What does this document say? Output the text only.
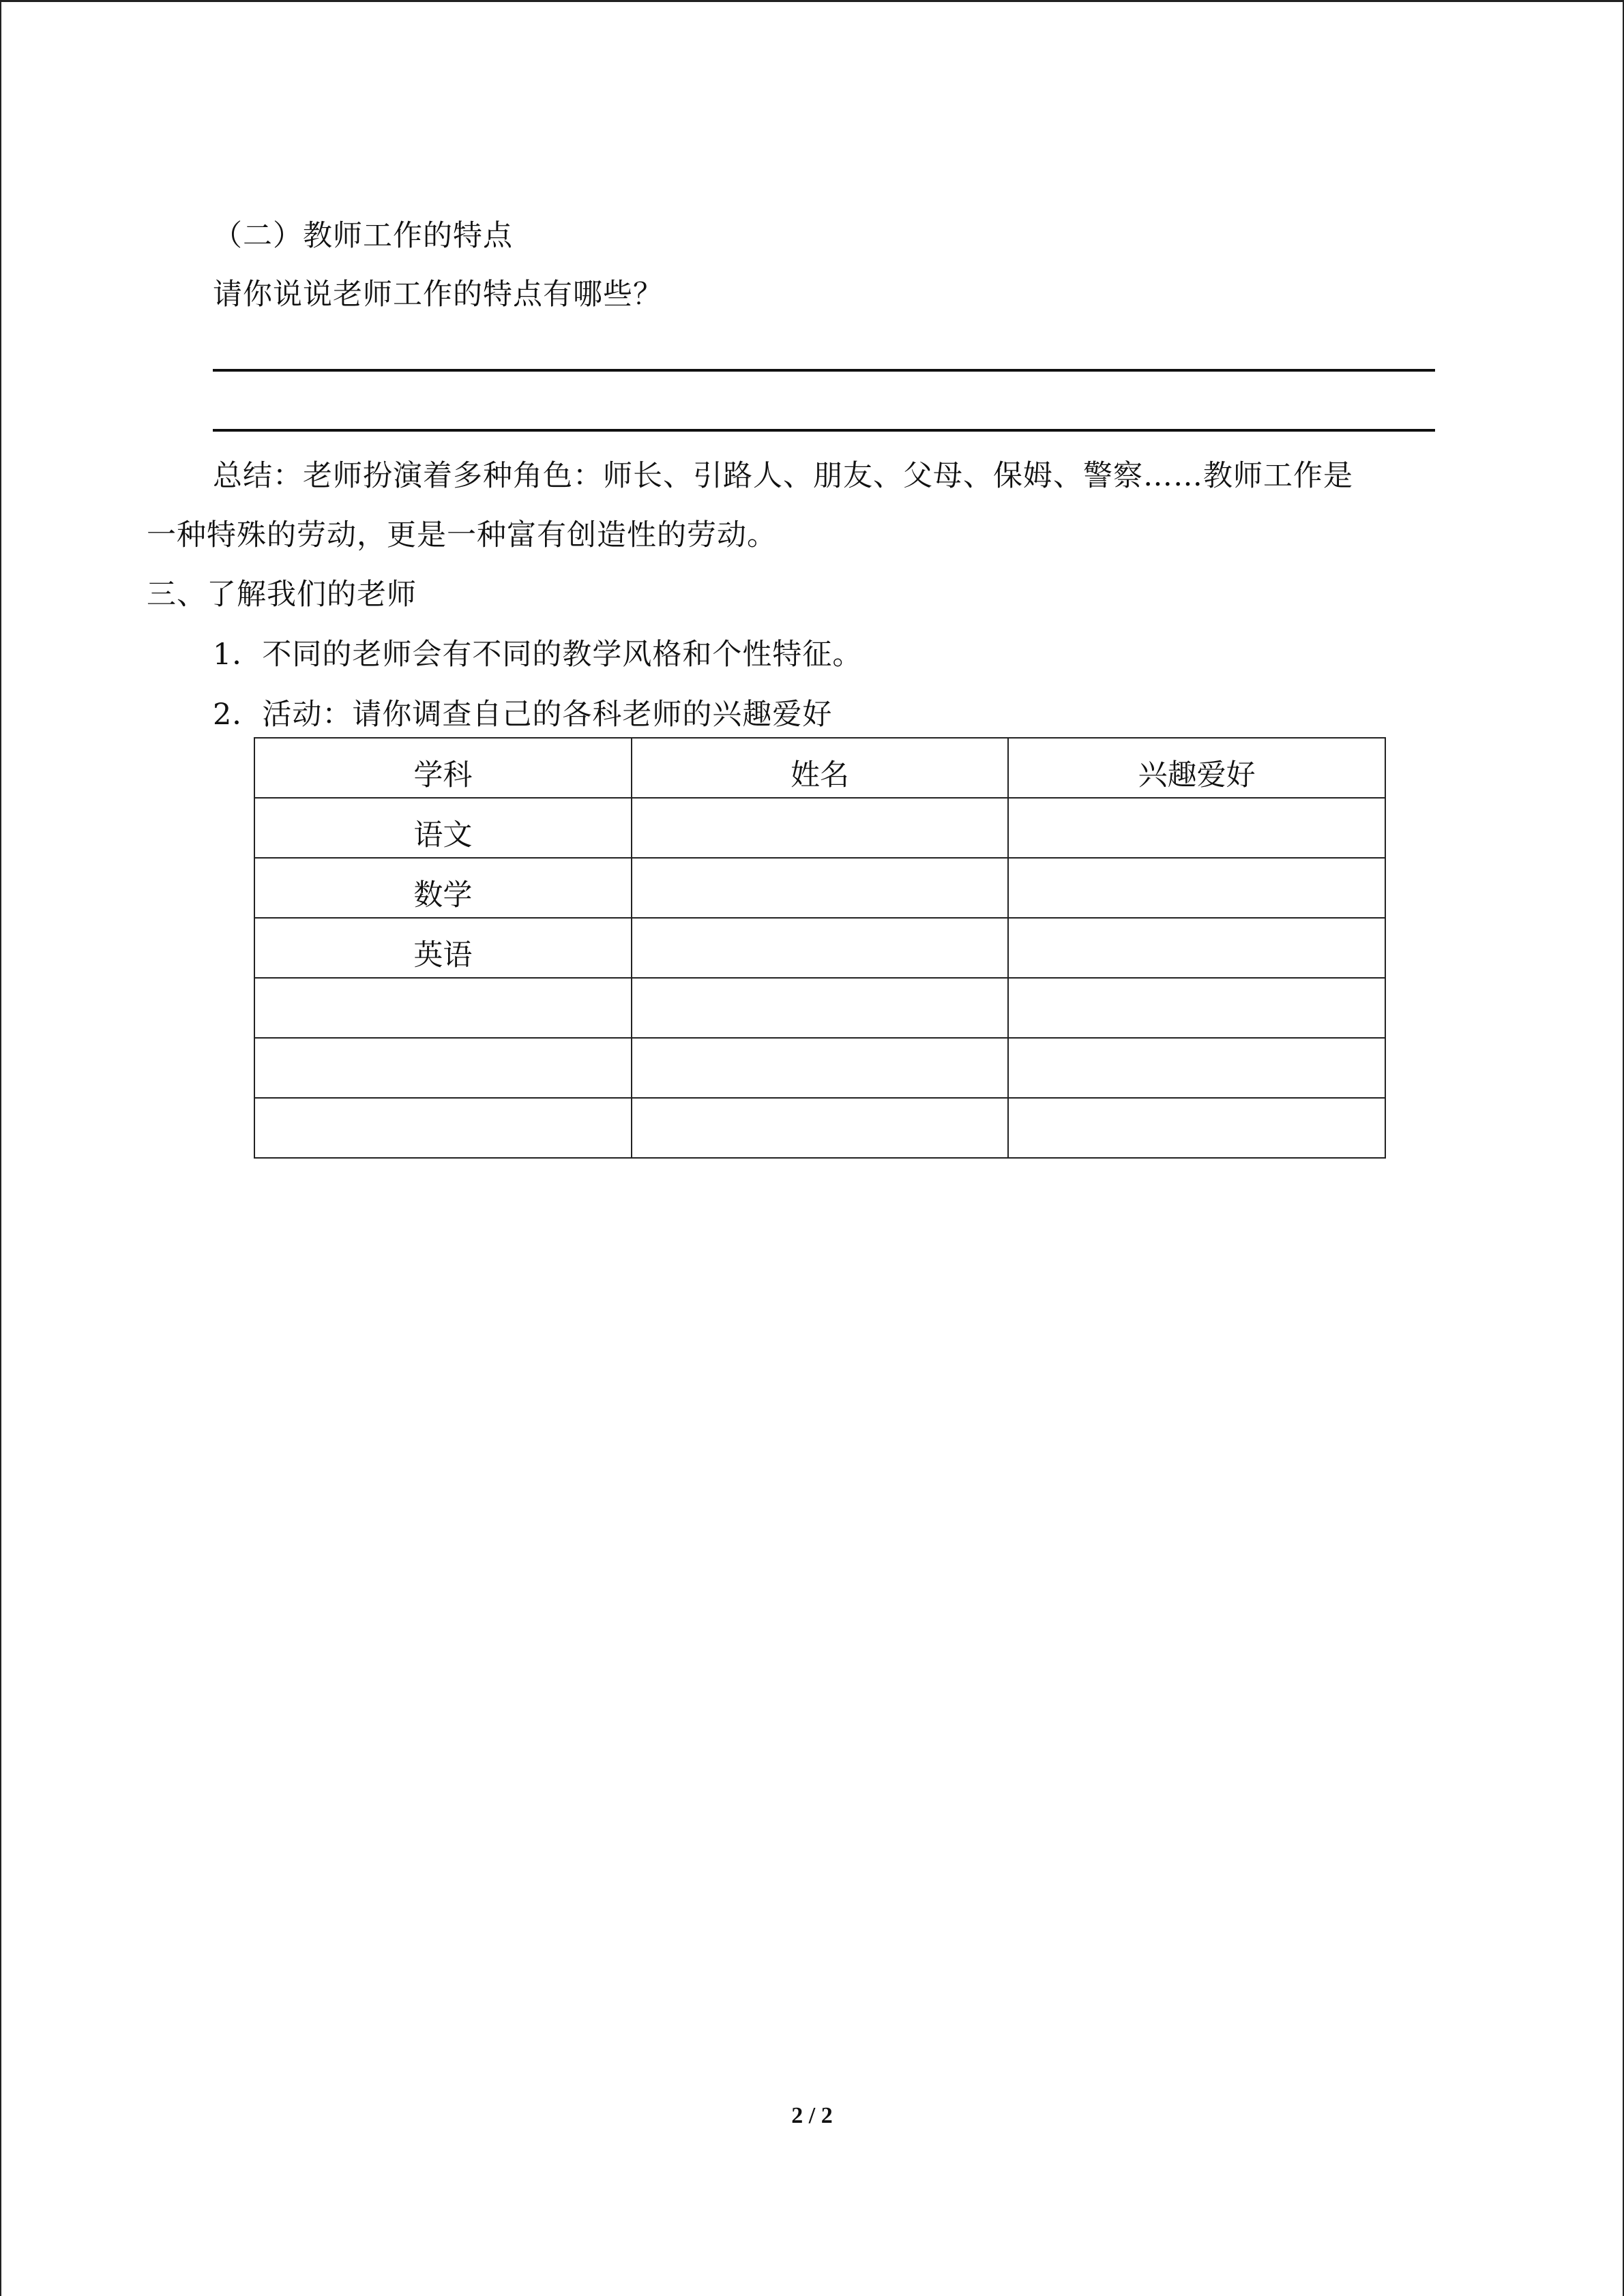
（二）教师工作的特点
请你说说老师工作的特点有哪些？
总结：老师扮演着多种角色：师长、引路人、朋友、父母、保姆、警察……教师工作是
一种特殊的劳动，更是一种富有创造性的劳动。
三、了解我们的老师
1．不同的老师会有不同的教学风格和个性特征。
2．活动：请你调查自己的各科老师的兴趣爱好
学科	姓名	兴趣爱好
语文		
数学		
英语		

2 / 2
